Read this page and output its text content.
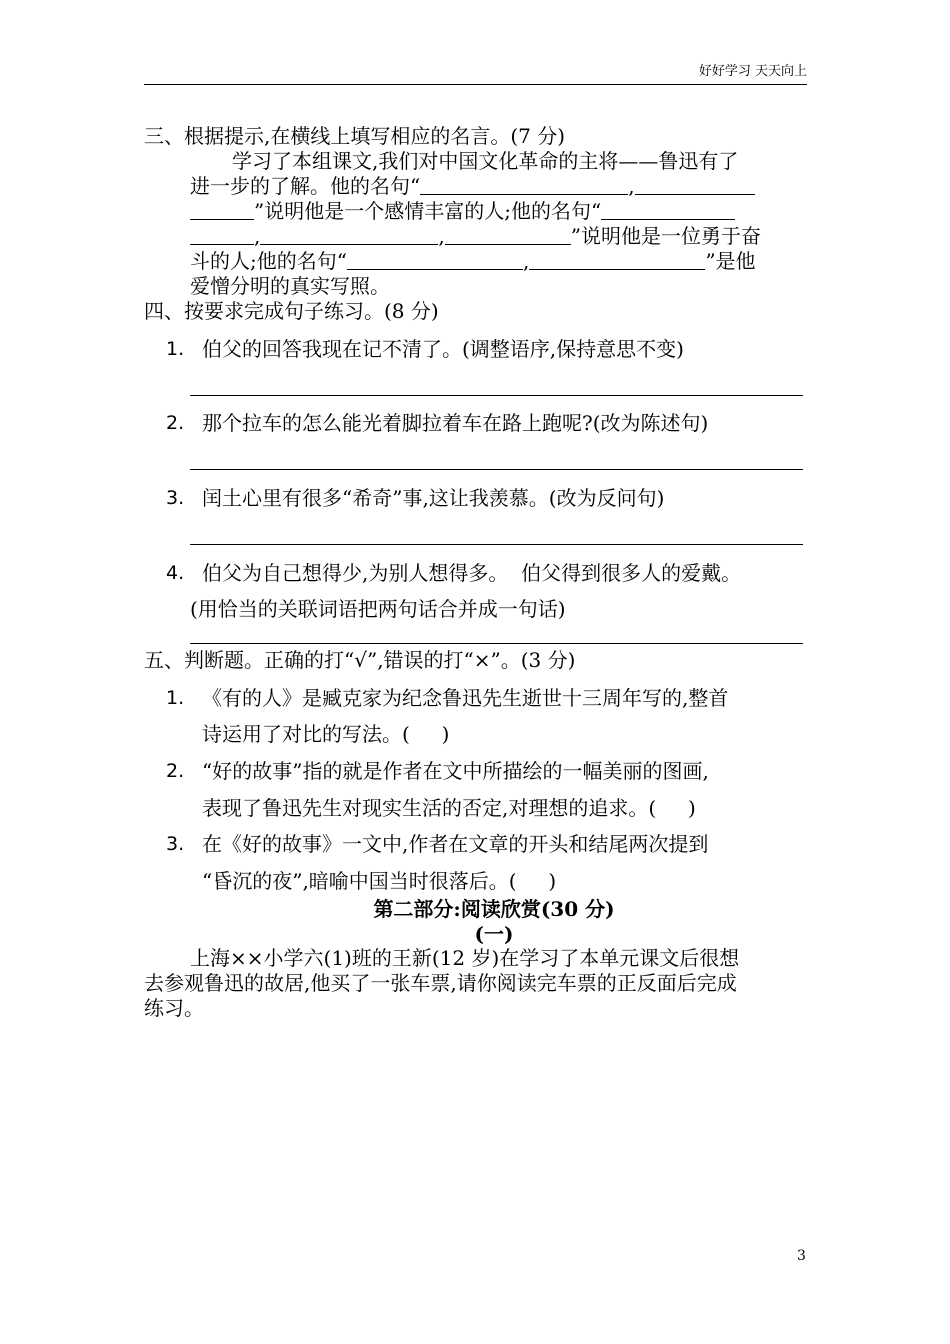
好好学习 天天向上
三、根据提示,在横线上填写相应的名言。(7 分)
学习了本组课文,我们对中国文化革命的主将——鲁迅有了
进一步的了解。他的名句“	,
”说明他是一个感情丰富的人;他的名句“
,	,	”说明他是一位勇于奋
斗的人;他的名句“	,	”是他
爱憎分明的真实写照。
四、按要求完成句子练习。(8 分)
1. 伯父的回答我现在记不清了。(调整语序,保持意思不变)
2. 那个拉车的怎么能光着脚拉着车在路上跑呢?(改为陈述句)
3. 闰土心里有很多“希奇”事,这让我羡慕。(改为反问句)
4. 伯父为自己想得少,为别人想得多。  伯父得到很多人的爱戴。
(用恰当的关联词语把两句话合并成一句话)
五、判断题。正确的打“√”,错误的打“×”。(3 分)
1. 《有的人》是臧克家为纪念鲁迅先生逝世十三周年写的,整首
诗运用了对比的写法。(     )
2. “好的故事”指的就是作者在文中所描绘的一幅美丽的图画,
表现了鲁迅先生对现实生活的否定,对理想的追求。(     )
3. 在《好的故事》一文中,作者在文章的开头和结尾两次提到
“昏沉的夜”,暗喻中国当时很落后。(     )
第二部分:阅读欣赏(30 分)
(一)
上海××小学六(1)班的王新(12 岁)在学习了本单元课文后很想
去参观鲁迅的故居,他买了一张车票,请你阅读完车票的正反面后完成
练习。
3
